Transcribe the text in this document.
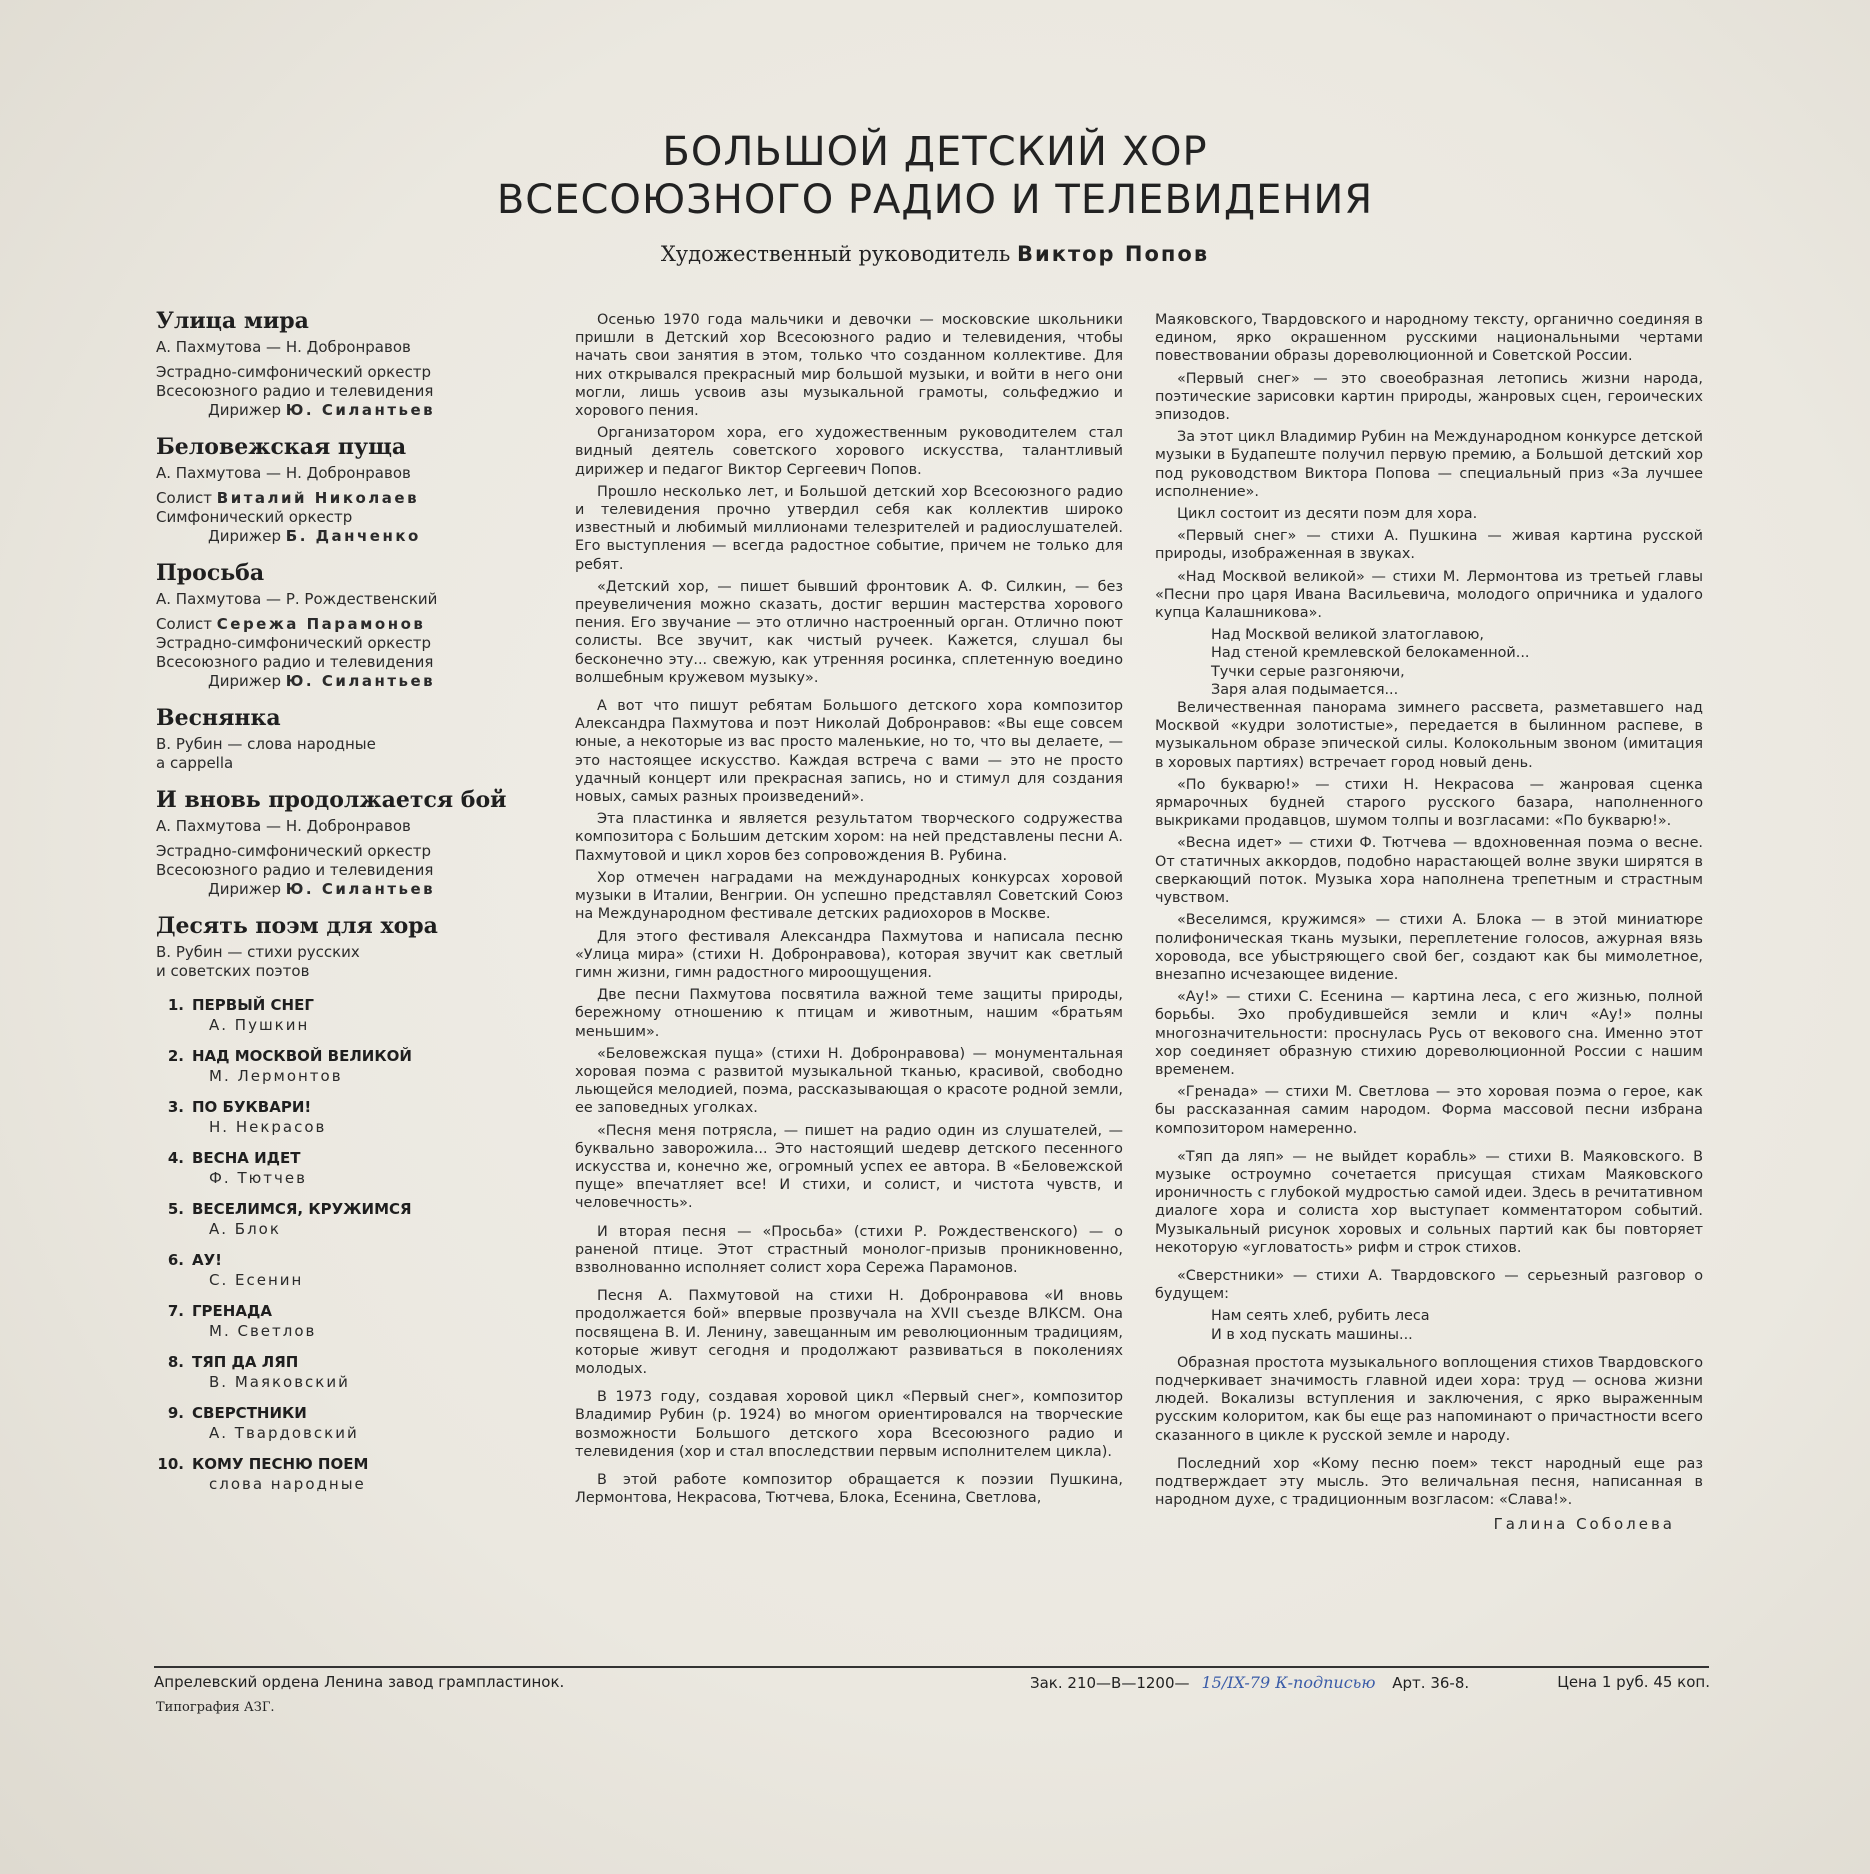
БОЛЬШОЙ ДЕТСКИЙ ХОР
ВСЕСОЮЗНОГО РАДИО И ТЕЛЕВИДЕНИЯ
Художественный руководитель Виктор Попов
Улица мира
А. Пахмутова — Н. Добронравов
Эстрадно-симфонический оркестр
Всесоюзного радио и телевидения
Дирижер Ю. Силантьев
Беловежская пуща
А. Пахмутова — Н. Добронравов
Солист Виталий Николаев
Симфонический оркестр
Дирижер Б. Данченко
Просьба
А. Пахмутова — Р. Рождественский
Солист Сережа Парамонов
Эстрадно-симфонический оркестр
Всесоюзного радио и телевидения
Дирижер Ю. Силантьев
Веснянка
В. Рубин — слова народные
a cappella
И вновь продолжается бой
А. Пахмутова — Н. Добронравов
Эстрадно-симфонический оркестр
Всесоюзного радио и телевидения
Дирижер Ю. Силантьев
Десять поэм для хора
В. Рубин — стихи русских
и советских поэтов
1. ПЕРВЫЙ СНЕГ
А. Пушкин
2. НАД МОСКВОЙ ВЕЛИКОЙ
М. Лермонтов
3. ПО БУКВАРИ!
Н. Некрасов
4. ВЕСНА ИДЕТ
Ф. Тютчев
5. ВЕСЕЛИМСЯ, КРУЖИМСЯ
А. Блок
6. АУ!
С. Есенин
7. ГРЕНАДА
М. Светлов
8. ТЯП ДА ЛЯП
В. Маяковский
9. СВЕРСТНИКИ
А. Твардовский
10. КОМУ ПЕСНЮ ПОЕМ
слова народные

Осенью 1970 года мальчики и девочки — московские школьники пришли в Детский хор Всесоюзного радио и телевидения, чтобы начать свои занятия в этом, только что созданном коллективе. Для них открывался прекрасный мир большой музыки, и войти в него они могли, лишь усвоив азы музыкальной грамоты, сольфеджио и хорового пения.

Организатором хора, его художественным руководителем стал видный деятель советского хорового искусства, талантливый дирижер и педагог Виктор Сергеевич Попов.

Прошло несколько лет, и Большой детский хор Всесоюзного радио и телевидения прочно утвердил себя как коллектив широко известный и любимый миллионами телезрителей и радиослушателей. Его выступления — всегда радостное событие, причем не только для ребят.

«Детский хор, — пишет бывший фронтовик А. Ф. Силкин, — без преувеличения можно сказать, достиг вершин мастерства хорового пения. Его звучание — это отлично настроенный орган. Отлично поют солисты. Все звучит, как чистый ручеек. Кажется, слушал бы бесконечно эту... свежую, как утренняя росинка, сплетенную воедино волшебным кружевом музыку».

А вот что пишут ребятам Большого детского хора композитор Александра Пахмутова и поэт Николай Добронравов: «Вы еще совсем юные, а некоторые из вас просто маленькие, но то, что вы делаете, — это настоящее искусство. Каждая встреча с вами — это не просто удачный концерт или прекрасная запись, но и стимул для создания новых, самых разных произведений».

Эта пластинка и является результатом творческого содружества композитора с Большим детским хором: на ней представлены песни А. Пахмутовой и цикл хоров без сопровождения В. Рубина.

Хор отмечен наградами на международных конкурсах хоровой музыки в Италии, Венгрии. Он успешно представлял Советский Союз на Международном фестивале детских радиохоров в Москве.

Для этого фестиваля Александра Пахмутова и написала песню «Улица мира» (стихи Н. Добронравова), которая звучит как светлый гимн жизни, гимн радостного мироощущения.

Две песни Пахмутова посвятила важной теме защиты природы, бережному отношению к птицам и животным, нашим «братьям меньшим».

«Беловежская пуща» (стихи Н. Добронравова) — монументальная хоровая поэма с развитой музыкальной тканью, красивой, свободно льющейся мелодией, поэма, рассказывающая о красоте родной земли, ее заповедных уголках.

«Песня меня потрясла, — пишет на радио один из слушателей, — буквально заворожила... Это настоящий шедевр детского песенного искусства и, конечно же, огромный успех ее автора. В «Беловежской пуще» впечатляет все! И стихи, и солист, и чистота чувств, и человечность».

И вторая песня — «Просьба» (стихи Р. Рождественского) — о раненой птице. Этот страстный монолог-призыв проникновенно, взволнованно исполняет солист хора Сережа Парамонов.

Песня А. Пахмутовой на стихи Н. Добронравова «И вновь продолжается бой» впервые прозвучала на XVII съезде ВЛКСМ. Она посвящена В. И. Ленину, завещанным им революционным традициям, которые живут сегодня и продолжают развиваться в поколениях молодых.

В 1973 году, создавая хоровой цикл «Первый снег», композитор Владимир Рубин (р. 1924) во многом ориентировался на творческие возможности Большого детского хора Всесоюзного радио и телевидения (хор и стал впоследствии первым исполнителем цикла).

В этой работе композитор обращается к поэзии Пушкина, Лермонтова, Некрасова, Тютчева, Блока, Есенина, Светлова,

Маяковского, Твардовского и народному тексту, органично соединяя в едином, ярко окрашенном русскими национальными чертами повествовании образы дореволюционной и Советской России.

«Первый снег» — это своеобразная летопись жизни народа, поэтические зарисовки картин природы, жанровых сцен, героических эпизодов.

За этот цикл Владимир Рубин на Международном конкурсе детской музыки в Будапеште получил первую премию, а Большой детский хор под руководством Виктора Попова — специальный приз «За лучшее исполнение».

Цикл состоит из десяти поэм для хора.

«Первый снег» — стихи А. Пушкина — живая картина русской природы, изображенная в звуках.

«Над Москвой великой» — стихи М. Лермонтова из третьей главы «Песни про царя Ивана Васильевича, молодого опричника и удалого купца Калашникова».

Над Москвой великой златоглавою,

Над стеной кремлевской белокаменной...

Тучки серые разгоняючи,

Заря алая подымается...

Величественная панорама зимнего рассвета, разметавшего над Москвой «кудри золотистые», передается в былинном распеве, в музыкальном образе эпической силы. Колокольным звоном (имитация в хоровых партиях) встречает город новый день.

«По букварю!» — стихи Н. Некрасова — жанровая сценка ярмарочных будней старого русского базара, наполненного выкриками продавцов, шумом толпы и возгласами: «По букварю!».

«Весна идет» — стихи Ф. Тютчева — вдохновенная поэма о весне. От статичных аккордов, подобно нарастающей волне звуки ширятся в сверкающий поток. Музыка хора наполнена трепетным и страстным чувством.

«Веселимся, кружимся» — стихи А. Блока — в этой миниатюре полифоническая ткань музыки, переплетение голосов, ажурная вязь хоровода, все убыстряющего свой бег, создают как бы мимолетное, внезапно исчезающее видение.

«Ау!» — стихи С. Есенина — картина леса, с его жизнью, полной борьбы. Эхо пробудившейся земли и клич «Ау!» полны многозначительности: проснулась Русь от векового сна. Именно этот хор соединяет образную стихию дореволюционной России с нашим временем.

«Гренада» — стихи М. Светлова — это хоровая поэма о герое, как бы рассказанная самим народом. Форма массовой песни избрана композитором намеренно.

«Тяп да ляп» — не выйдет корабль» — стихи В. Маяковского. В музыке остроумно сочетается присущая стихам Маяковского ироничность с глубокой мудростью самой идеи. Здесь в речитативном диалоге хора и солиста хор выступает комментатором событий. Музыкальный рисунок хоровых и сольных партий как бы повторяет некоторую «угловатость» рифм и строк стихов.

«Сверстники» — стихи А. Твардовского — серьезный разговор о будущем:

Нам сеять хлеб, рубить леса

И в ход пускать машины...

Образная простота музыкального воплощения стихов Твардовского подчеркивает значимость главной идеи хора: труд — основа жизни людей. Вокализы вступления и заключения, с ярко выраженным русским колоритом, как бы еще раз напоминают о причастности всего сказанного в цикле к русской земле и народу.

Последний хор «Кому песню поем» текст народный еще раз подтверждает эту мысль. Это величальная песня, написанная в народном духе, с традиционным возгласом: «Слава!».

Галина Соболева
Апрелевский ордена Ленина завод грампластинок.
Типография АЗГ.
Зак. 210—В—1200— 15/IX-79 К-подписью Арт. 36-8.	Цена 1 руб. 45 коп.
